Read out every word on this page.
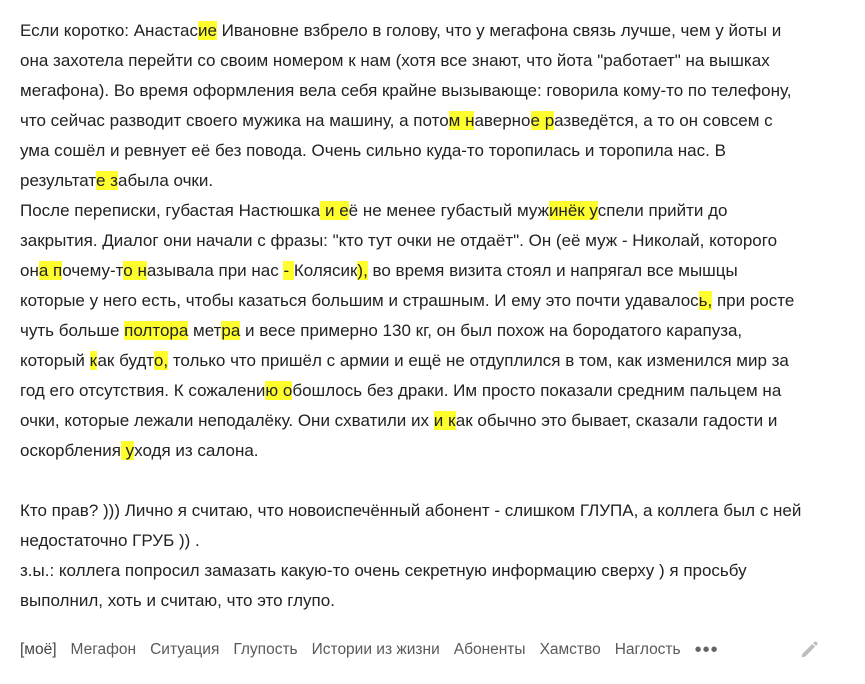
Если коротко: Анастасие Ивановне взбрело в голову, что у мегафона связь лучше, чем у йоты и

она захотела перейти со своим номером к нам (хотя все знают, что йота "работает" на вышках

мегафона). Во время оформления вела себя крайне вызывающе: говорила кому-то по телефону,

что сейчас разводит своего мужика на машину, а потом наверное разведётся, а то он совсем с

ума сошёл и ревнует её без повода. Очень сильно куда-то торопилась и торопила нас. В

результате забыла очки.

После переписки, губастая Настюшка и её не менее губастый мужинёк успели прийти до

закрытия. Диалог они начали с фразы: "кто тут очки не отдаёт". Он (её муж - Николай, которого

она почему-то называла при нас - Колясик), во время визита стоял и напрягал все мышцы

которые у него есть, чтобы казаться большим и страшным. И ему это почти удавалось, при росте

чуть больше полтора метра и весе примерно 130 кг, он был похож на бородатого карапуза,

который как будто, только что пришёл с армии и ещё не отдуплился в том, как изменился мир за

год его отсутствия. К сожалению обошлось без драки. Им просто показали средним пальцем на

очки, которые лежали неподалёку. Они схватили их и как обычно это бывает, сказали гадости и

оскорбления уходя из салона.

Кто прав? ))) Лично я считаю, что новоиспечённый абонент - слишком ГЛУПА, а коллега был с ней

недостаточно ГРУБ )) .

з.ы.: коллега попросил замазать какую-то очень секретную информацию сверху ) я просьбу

выполнил, хоть и считаю, что это глупо.

[моё] Мегафон Ситуация Глупость Истории из жизни Абоненты Хамство Наглость •••
